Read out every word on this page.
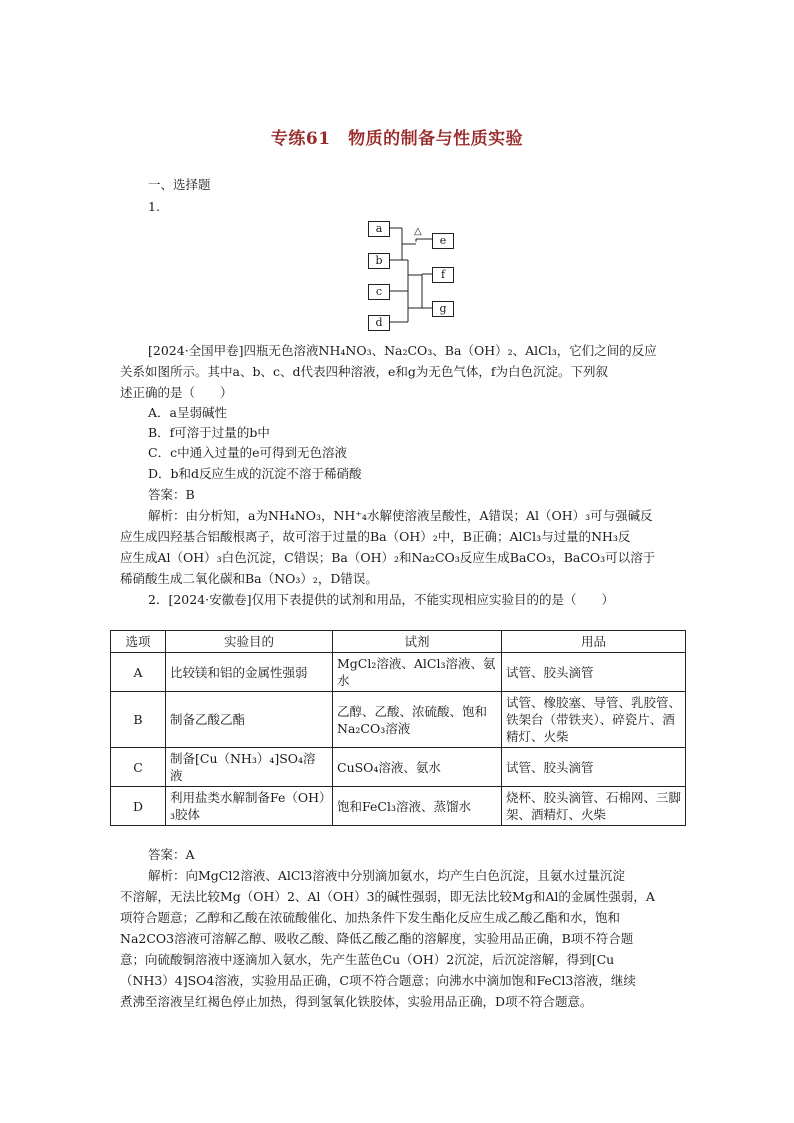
专练61　物质的制备与性质实验
一、选择题
1.
a
b
c
d
e
f
g
△
[2024·全国甲卷]四瓶无色溶液NH₄NO₃、Na₂CO₃、Ba（OH）₂、AlCl₃，它们之间的反应
关系如图所示。其中a、b、c、d代表四种溶液，e和g为无色气体，f为白色沉淀。下列叙
述正确的是（　　）
A．a呈弱碱性
B．f可溶于过量的b中
C．c中通入过量的e可得到无色溶液
D．b和d反应生成的沉淀不溶于稀硝酸
答案：B
解析：由分析知，a为NH₄NO₃，NH⁺₄水解使溶液呈酸性，A错误；Al（OH）₃可与强碱反
应生成四羟基合铝酸根离子，故可溶于过量的Ba（OH）₂中，B正确；AlCl₃与过量的NH₃反
应生成Al（OH）₃白色沉淀，C错误；Ba（OH）₂和Na₂CO₃反应生成BaCO₃，BaCO₃可以溶于
稀硝酸生成二氧化碳和Ba（NO₃）₂，D错误。
2．[2024·安徽卷]仅用下表提供的试剂和用品，不能实现相应实验目的的是（　　）
选项	实验目的	试剂	用品
A	比较镁和铝的金属性强弱	MgCl₂溶液、AlCl₃溶液、氨水	试管、胶头滴管
B	制备乙酸乙酯	乙醇、乙酸、浓硫酸、饱和Na₂CO₃溶液	试管、橡胶塞、导管、乳胶管、铁架台（带铁夹）、碎瓷片、酒精灯、火柴
C	制备[Cu（NH₃）₄]SO₄溶液	CuSO₄溶液、氨水	试管、胶头滴管
D	利用盐类水解制备Fe（OH）₃胶体	饱和FeCl₃溶液、蒸馏水	烧杯、胶头滴管、石棉网、三脚架、酒精灯、火柴
答案：A
解析：向MgCl2溶液、AlCl3溶液中分别滴加氨水，均产生白色沉淀，且氨水过量沉淀
不溶解，无法比较Mg（OH）2、Al（OH）3的碱性强弱，即无法比较Mg和Al的金属性强弱，A
项符合题意；乙醇和乙酸在浓硫酸催化、加热条件下发生酯化反应生成乙酸乙酯和水，饱和
Na2CO3溶液可溶解乙醇、吸收乙酸、降低乙酸乙酯的溶解度，实验用品正确，B项不符合题
意；向硫酸铜溶液中逐滴加入氨水，先产生蓝色Cu（OH）2沉淀，后沉淀溶解，得到[Cu
（NH3）4]SO4溶液，实验用品正确，C项不符合题意；向沸水中滴加饱和FeCl3溶液，继续
煮沸至溶液呈红褐色停止加热，得到氢氧化铁胶体，实验用品正确，D项不符合题意。
